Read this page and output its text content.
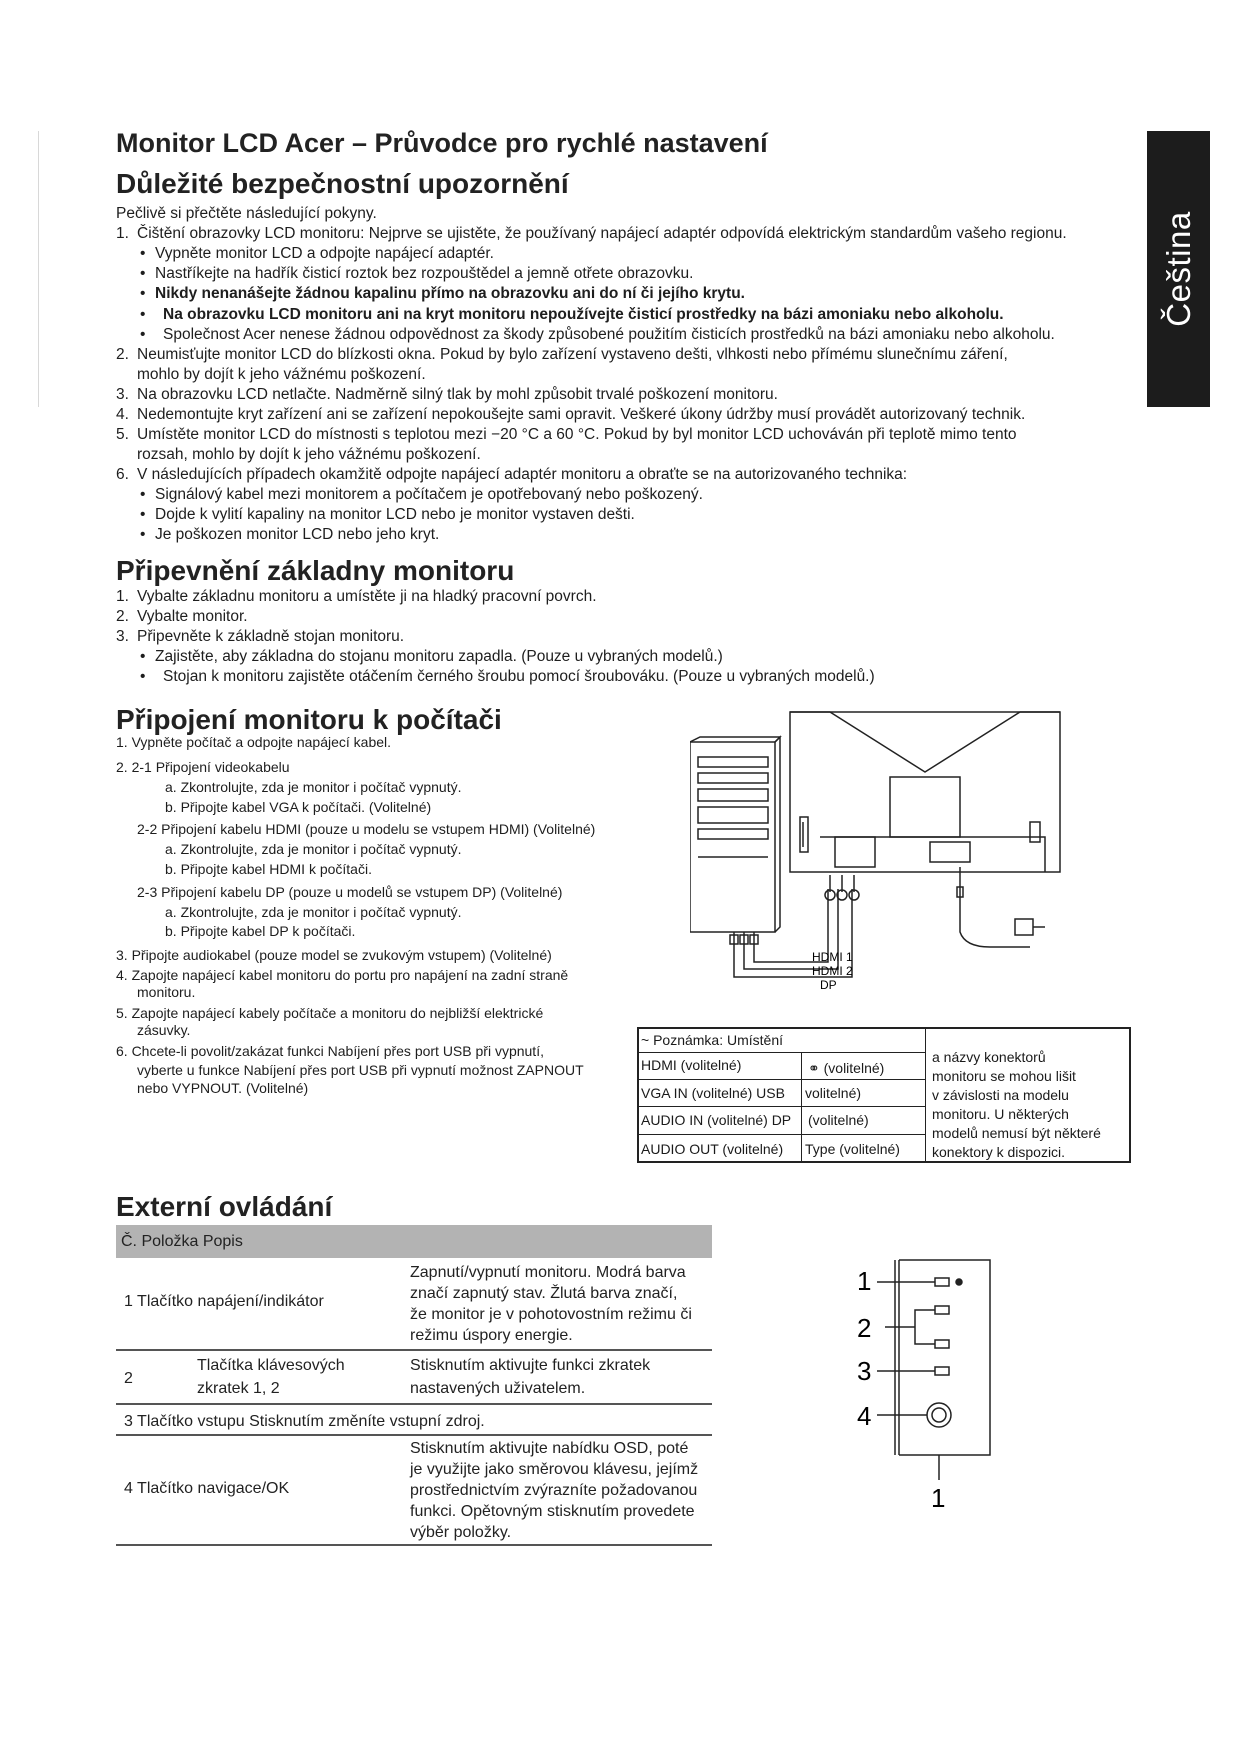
Čeština
Monitor LCD Acer – Průvodce pro rychlé nastavení
Důležité bezpečnostní upozornění
Pečlivě si přečtěte následující pokyny.
1. Čištění obrazovky LCD monitoru: Nejprve se ujistěte, že používaný napájecí adaptér odpovídá elektrickým standardům vašeho regionu.
• Vypněte monitor LCD a odpojte napájecí adaptér.
• Nastříkejte na hadřík čisticí roztok bez rozpouštědel a jemně otřete obrazovku.
• Nikdy nenanášejte žádnou kapalinu přímo na obrazovku ani do ní či jejího krytu.
• Na obrazovku LCD monitoru ani na kryt monitoru nepoužívejte čisticí prostředky na bázi amoniaku nebo alkoholu.
• Společnost Acer nenese žádnou odpovědnost za škody způsobené použitím čisticích prostředků na bázi amoniaku nebo alkoholu.
2. Neumisťujte monitor LCD do blízkosti okna. Pokud by bylo zařízení vystaveno dešti, vlhkosti nebo přímému slunečnímu záření,
mohlo by dojít k jeho vážnému poškození.
3. Na obrazovku LCD netlačte. Nadměrně silný tlak by mohl způsobit trvalé poškození monitoru.
4. Nedemontujte kryt zařízení ani se zařízení nepokoušejte sami opravit. Veškeré úkony údržby musí provádět autorizovaný technik.
5. Umístěte monitor LCD do místnosti s teplotou mezi −20 °C a 60 °C. Pokud by byl monitor LCD uchováván při teplotě mimo tento
rozsah, mohlo by dojít k jeho vážnému poškození.
6. V následujících případech okamžitě odpojte napájecí adaptér monitoru a obraťte se na autorizovaného technika:
• Signálový kabel mezi monitorem a počítačem je opotřebovaný nebo poškozený.
• Dojde k vylití kapaliny na monitor LCD nebo je monitor vystaven dešti.
• Je poškozen monitor LCD nebo jeho kryt.
Připevnění základny monitoru
1. Vybalte základnu monitoru a umístěte ji na hladký pracovní povrch.
2. Vybalte monitor.
3. Připevněte k základně stojan monitoru.
• Zajistěte, aby základna do stojanu monitoru zapadla. (Pouze u vybraných modelů.)
• Stojan k monitoru zajistěte otáčením černého šroubu pomocí šroubováku. (Pouze u vybraných modelů.)
Připojení monitoru k počítači
1. Vypněte počítač a odpojte napájecí kabel.
2. 2-1 Připojení videokabelu
a. Zkontrolujte, zda je monitor i počítač vypnutý.
b. Připojte kabel VGA k počítači. (Volitelné)
2-2 Připojení kabelu HDMI (pouze u modelu se vstupem HDMI) (Volitelné)
a. Zkontrolujte, zda je monitor i počítač vypnutý.
b. Připojte kabel HDMI k počítači.
2-3 Připojení kabelu DP (pouze u modelů se vstupem DP) (Volitelné)
a. Zkontrolujte, zda je monitor i počítač vypnutý.
b. Připojte kabel DP k počítači.
3. Připojte audiokabel (pouze model se zvukovým vstupem) (Volitelné)
4. Zapojte napájecí kabel monitoru do portu pro napájení na zadní straně
monitoru.
5. Zapojte napájecí kabely počítače a monitoru do nejbližší elektrické
zásuvky.
6. Chcete-li povolit/zakázat funkci Nabíjení přes port USB při vypnutí,
vyberte u funkce Nabíjení přes port USB při vypnutí možnost ZAPNOUT
nebo VYPNOUT. (Volitelné)
HDMI 1
HDMI 2
DP
~ Poznámka: Umístění
HDMI (volitelné)	⚭ (volitelné)
VGA IN (volitelné) USB volitelné)
AUDIO IN (volitelné) DP (volitelné)
AUDIO OUT (volitelné) Type (volitelné)
a názvy konektorů
monitoru se mohou lišit
v závislosti na modelu
monitoru. U některých
modelů nemusí být některé
konektory k dispozici.
Externí ovládání
Č. Položka Popis
1 Tlačítko napájení/indikátor
Zapnutí/vypnutí monitoru. Modrá barva
značí zapnutý stav. Žlutá barva značí,
že monitor je v pohotovostním režimu či
režimu úspory energie.
2
Tlačítka klávesových
zkratek 1, 2
Stisknutím aktivujte funkci zkratek
nastavených uživatelem.
3 Tlačítko vstupu Stisknutím změníte vstupní zdroj.
4 Tlačítko navigace/OK
Stisknutím aktivujte nabídku OSD, poté
je využijte jako směrovou klávesu, jejímž
prostřednictvím zvýrazníte požadovanou
funkci. Opětovným stisknutím provedete
výběr položky.
1
2
3
4
1
